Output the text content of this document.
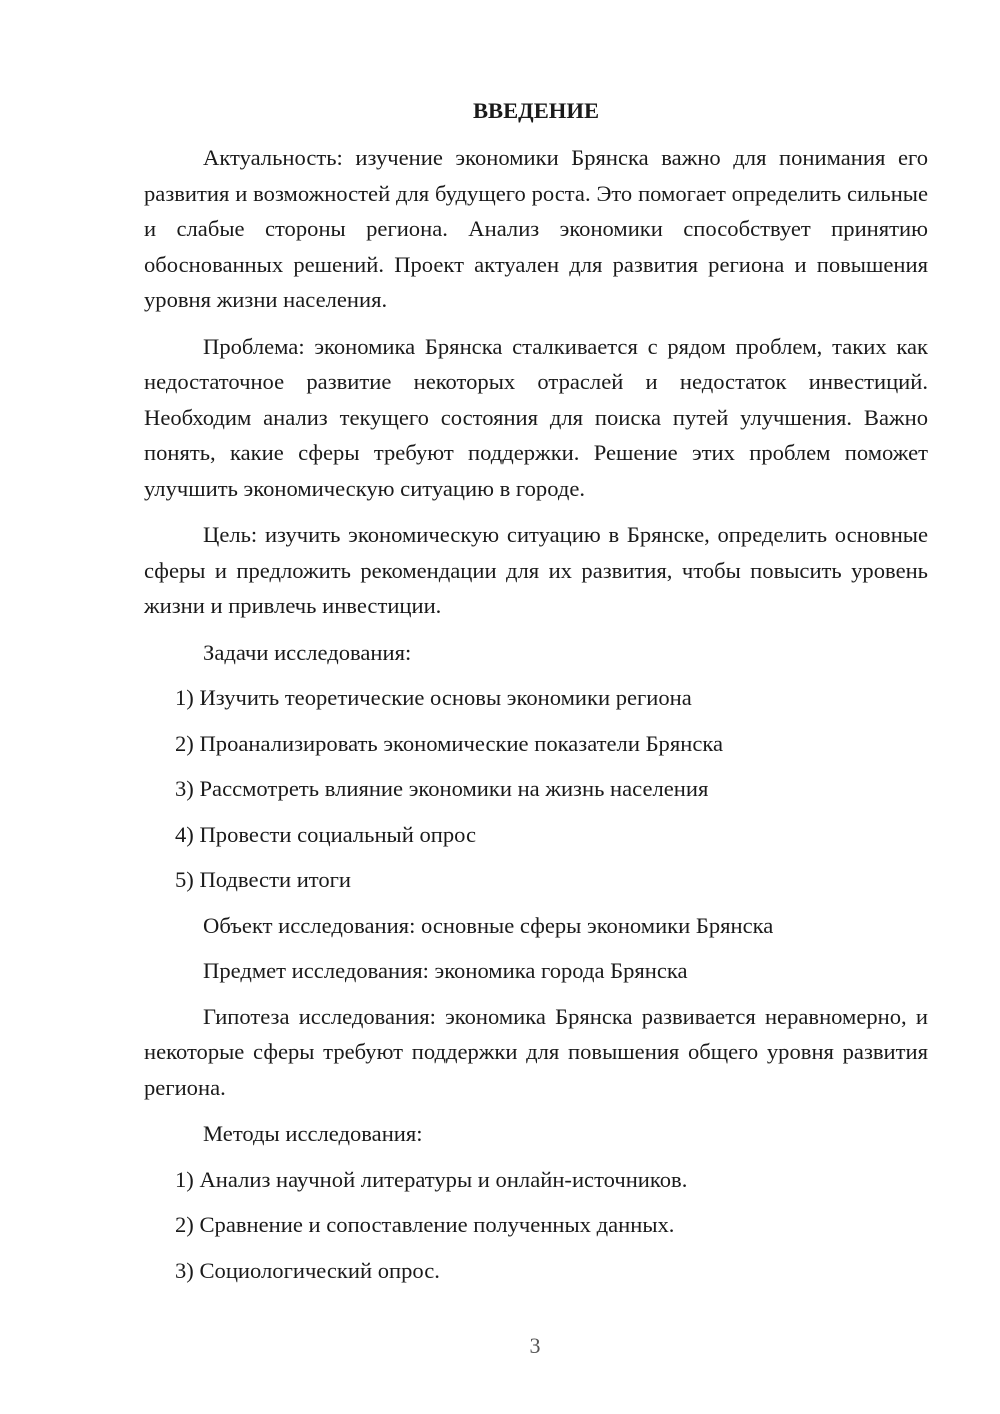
ВВЕДЕНИЕ

Актуальность: изучение экономики Брянска важно для понимания его развития и возможностей для будущего роста. Это помогает определить сильные и слабые стороны региона. Анализ экономики способствует принятию обоснованных решений. Проект актуален для развития региона и повышения уровня жизни населения.

Проблема: экономика Брянска сталкивается с рядом проблем, таких как недостаточное развитие некоторых отраслей и недостаток инвестиций. Необходим анализ текущего состояния для поиска путей улучшения. Важно понять, какие сферы требуют поддержки. Решение этих проблем поможет улучшить экономическую ситуацию в городе.

Цель: изучить экономическую ситуацию в Брянске, определить основные сферы и предложить рекомендации для их развития, чтобы повысить уровень жизни и привлечь инвестиции.

Задачи исследования:

1) Изучить теоретические основы экономики региона
2) Проанализировать экономические показатели Брянска
3) Рассмотреть влияние экономики на жизнь населения
4) Провести социальный опрос
5) Подвести итоги

Объект исследования: основные сферы экономики Брянска

Предмет исследования: экономика города Брянска

Гипотеза исследования: экономика Брянска развивается неравномерно, и некоторые сферы требуют поддержки для повышения общего уровня развития региона.

Методы исследования:

1) Анализ научной литературы и онлайн-источников.
2) Сравнение и сопоставление полученных данных.
3) Социологический опрос.
3
